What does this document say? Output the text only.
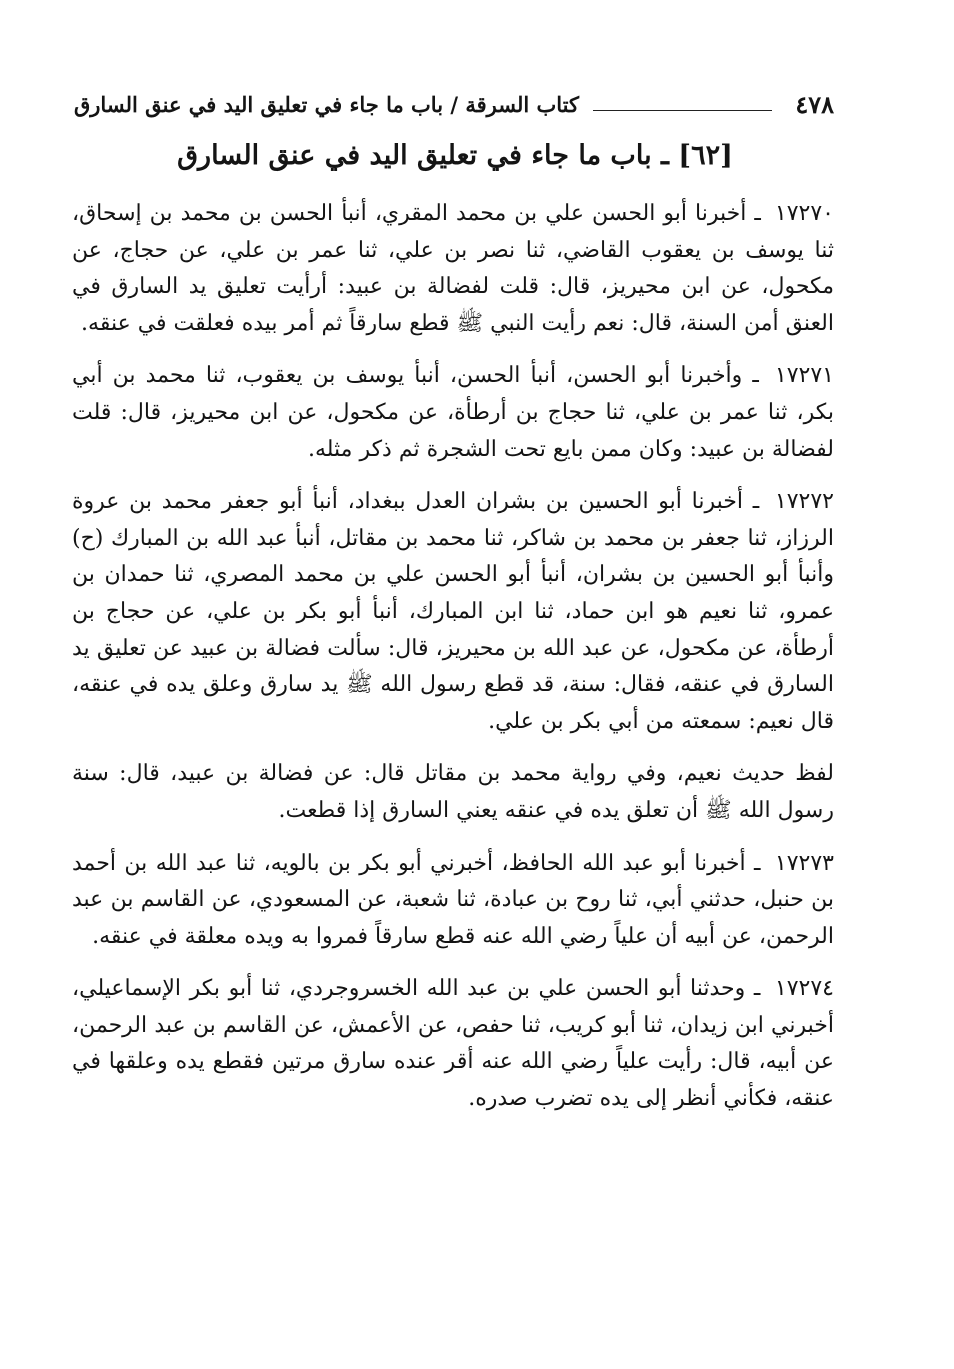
٤٧٨
كتاب السرقة / باب ما جاء في تعليق اليد في عنق السارق
[٦٢] ـ باب ما جاء في تعليق اليد في عنق السارق

١٧٢٧٠ ـ أخبرنا أبو الحسن علي بن محمد المقري، أنبأ الحسن بن محمد بن إسحاق، ثنا يوسف بن يعقوب القاضي، ثنا نصر بن علي، ثنا عمر بن علي، عن حجاج، عن مكحول، عن ابن محيريز، قال: قلت لفضالة بن عبيد: أرأيت تعليق يد السارق في العنق أمن السنة، قال: نعم رأيت النبي ﷺ قطع سارقاً ثم أمر بيده فعلقت في عنقه.

١٧٢٧١ ـ وأخبرنا أبو الحسن، أنبأ الحسن، أنبأ يوسف بن يعقوب، ثنا محمد بن أبي بكر، ثنا عمر بن علي، ثنا حجاج بن أرطأة، عن مكحول، عن ابن محيريز، قال: قلت لفضالة بن عبيد: وكان ممن بايع تحت الشجرة ثم ذكر مثله.

١٧٢٧٢ ـ أخبرنا أبو الحسين بن بشران العدل ببغداد، أنبأ أبو جعفر محمد بن عروة الرزاز، ثنا جعفر بن محمد بن شاكر، ثنا محمد بن مقاتل، أنبأ عبد الله بن المبارك (ح) وأنبأ أبو الحسين بن بشران، أنبأ أبو الحسن علي بن محمد المصري، ثنا حمدان بن عمرو، ثنا نعيم هو ابن حماد، ثنا ابن المبارك، أنبأ أبو بكر بن علي، عن حجاج بن أرطأة، عن مكحول، عن عبد الله بن محيريز، قال: سألت فضالة بن عبيد عن تعليق يد السارق في عنقه، فقال: سنة، قد قطع رسول الله ﷺ يد سارق وعلق يده في عنقه، قال نعيم: سمعته من أبي بكر بن علي.

لفظ حديث نعيم، وفي رواية محمد بن مقاتل قال: عن فضالة بن عبيد، قال: سنة رسول الله ﷺ أن تعلق يده في عنقه يعني السارق إذا قطعت.

١٧٢٧٣ ـ أخبرنا أبو عبد الله الحافظ، أخبرني أبو بكر بن بالويه، ثنا عبد الله بن أحمد بن حنبل، حدثني أبي، ثنا روح بن عبادة، ثنا شعبة، عن المسعودي، عن القاسم بن عبد الرحمن، عن أبيه أن علياً رضي الله عنه قطع سارقاً فمروا به ويده معلقة في عنقه.

١٧٢٧٤ ـ وحدثنا أبو الحسن علي بن عبد الله الخسروجردي، ثنا أبو بكر الإسماعيلي، أخبرني ابن زيدان، ثنا أبو كريب، ثنا حفص، عن الأعمش، عن القاسم بن عبد الرحمن، عن أبيه، قال: رأيت علياً رضي الله عنه أقر عنده سارق مرتين فقطع يده وعلقها في عنقه، فكأني أنظر إلى يده تضرب صدره.
